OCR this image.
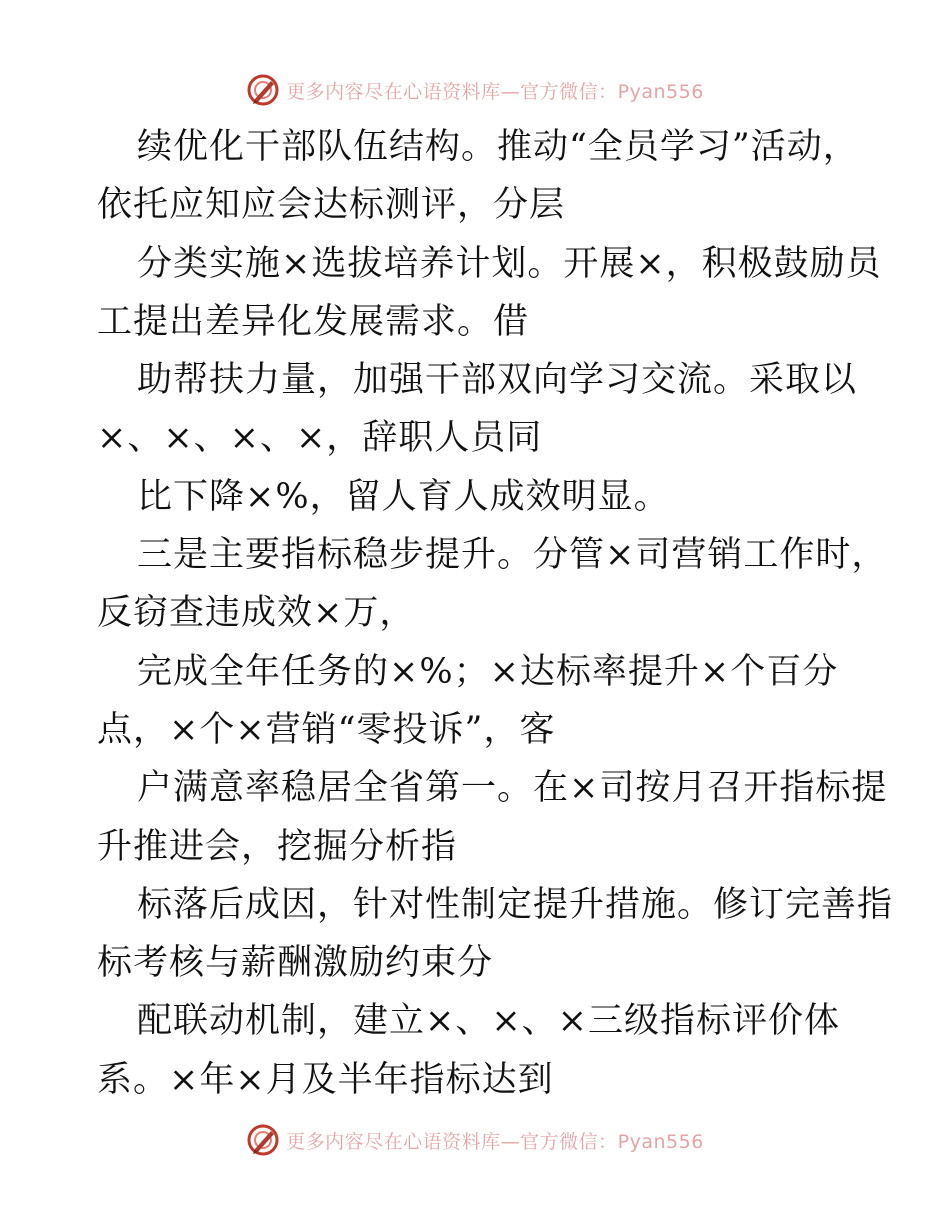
更多内容尽在心语资料库—官方微信：Pyan556
续优化干部队伍结构。推动“全员学习”活动，
依托应知应会达标测评，分层
分类实施×选拔培养计划。开展×，积极鼓励员
工提出差异化发展需求。借
助帮扶力量，加强干部双向学习交流。采取以
×、×、×、×，辞职人员同
比下降×%，留人育人成效明显。
三是主要指标稳步提升。分管×司营销工作时，
反窃查违成效×万，
完成全年任务的×%；×达标率提升×个百分
点，×个×营销“零投诉”，客
户满意率稳居全省第一。在×司按月召开指标提
升推进会，挖掘分析指
标落后成因，针对性制定提升措施。修订完善指
标考核与薪酬激励约束分
配联动机制，建立×、×、×三级指标评价体
系。×年×月及半年指标达到
更多内容尽在心语资料库—官方微信：Pyan556
